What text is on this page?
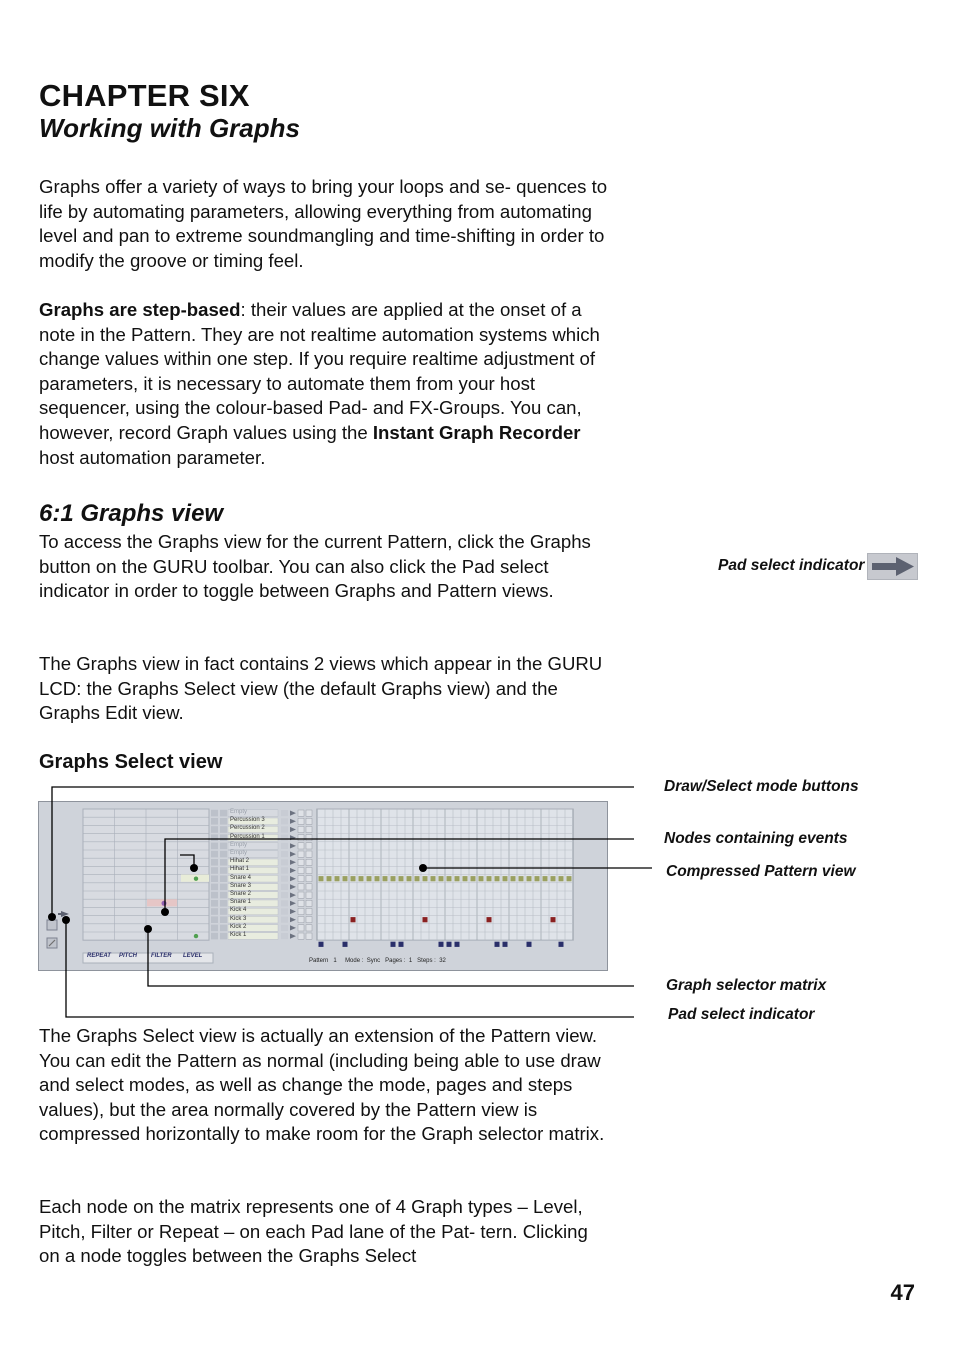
CHAPTER SIX
Working with Graphs

Graphs offer a variety of ways to bring your loops and se- quences to life by automating parameters, allowing everything from automating level and pan to extreme soundmangling and time-shifting in order to modify the groove or timing feel.

Graphs are step-based: their values are applied at the onset of a note in the Pattern. They are not realtime automation systems which change values within one step. If you require realtime adjustment of parameters, it is necessary to automate them from your host sequencer, using the colour-based Pad- and FX-Groups. You can, however, record Graph values using the Instant Graph Recorder host automation parameter.

6:1 Graphs view

To access the Graphs view for the current Pattern, click the Graphs button on the GURU toolbar. You can also click the Pad select indicator in order to toggle between Graphs and Pattern views.

The Graphs view in fact contains 2 views which appear in the GURU LCD: the Graphs Select view (the default Graphs view) and the Graphs Edit view.

Pad select indicator
Graphs Select view
REPEAT	PITCH	FILTER	LEVEL
Empty
Percussion 3
Percussion 2
Percussion 1
Empty
Empty
Hihat 2
Hihat 1
Snare 4
Snare 3
Snare 2
Snare 1
Kick 4
Kick 3
Kick 2
Kick 1
Pattern 1 Mode : Sync Pages : 1 Steps : 32
Draw/Select mode buttons
Nodes containing events
Compressed Pattern view
Graph selector matrix
Pad select indicator

The Graphs Select view is actually an extension of the Pattern view. You can edit the Pattern as normal (including being able to use draw and select modes, as well as change the mode, pages and steps values), but the area normally covered by the Pattern view is compressed horizontally to make room for the Graph selector matrix.

Each node on the matrix represents one of 4 Graph types – Level, Pitch, Filter or Repeat – on each Pad lane of the Pat- tern. Clicking on a node toggles between the Graphs Select

47
